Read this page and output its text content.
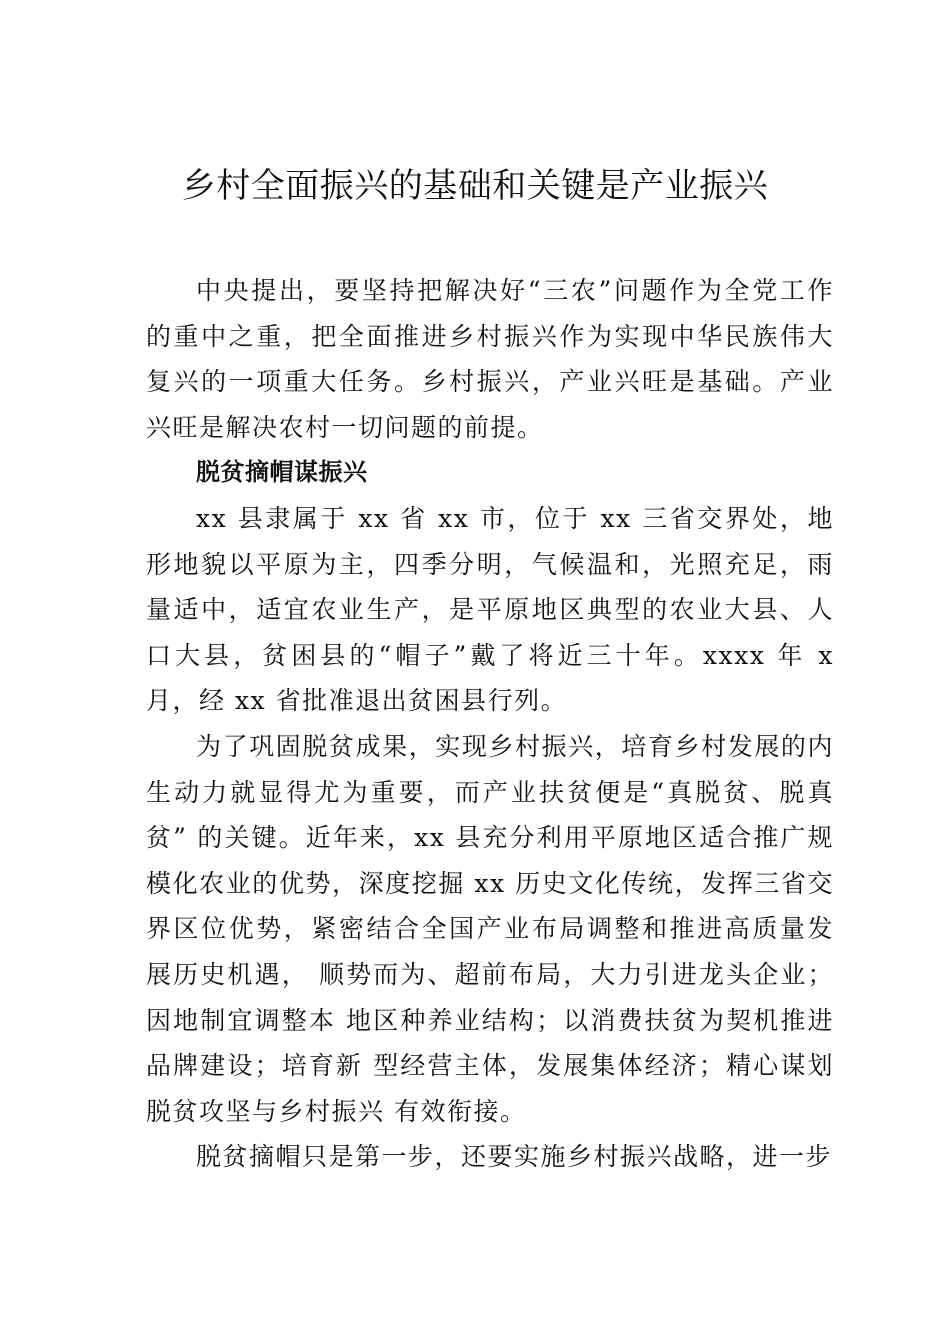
乡村全面振兴的基础和关键是产业振兴

中央提出，要坚持把解决好“三农”问题作为全党工作的重中之重，把全面推进乡村振兴作为实现中华民族伟大复兴的一项重大任务。乡村振兴，产业兴旺是基础。产业兴旺是解决农村一切问题的前提。

脱贫摘帽谋振兴

xx 县隶属于 xx 省 xx 市，位于 xx 三省交界处，地形地貌以平原为主，四季分明，气候温和，光照充足，雨量适中，适宜农业生产，是平原地区典型的农业大县、人口大县，贫困县的“帽子”戴了将近三十年。xxxx 年 x 月，经 xx 省批准退出贫困县行列。

为了巩固脱贫成果，实现乡村振兴，培育乡村发展的内生动力就显得尤为重要，而产业扶贫便是“真脱贫、脱真贫” 的关键。近年来，xx 县充分利用平原地区适合推广规模化农业的优势，深度挖掘 xx 历史文化传统，发挥三省交界区位优势，紧密结合全国产业布局调整和推进高质量发展历史机遇， 顺势而为、超前布局，大力引进龙头企业；因地制宜调整本 地区种养业结构；以消费扶贫为契机推进品牌建设；培育新 型经营主体，发展集体经济；精心谋划脱贫攻坚与乡村振兴 有效衔接。

脱贫摘帽只是第一步，还要实施乡村振兴战略，进一步
